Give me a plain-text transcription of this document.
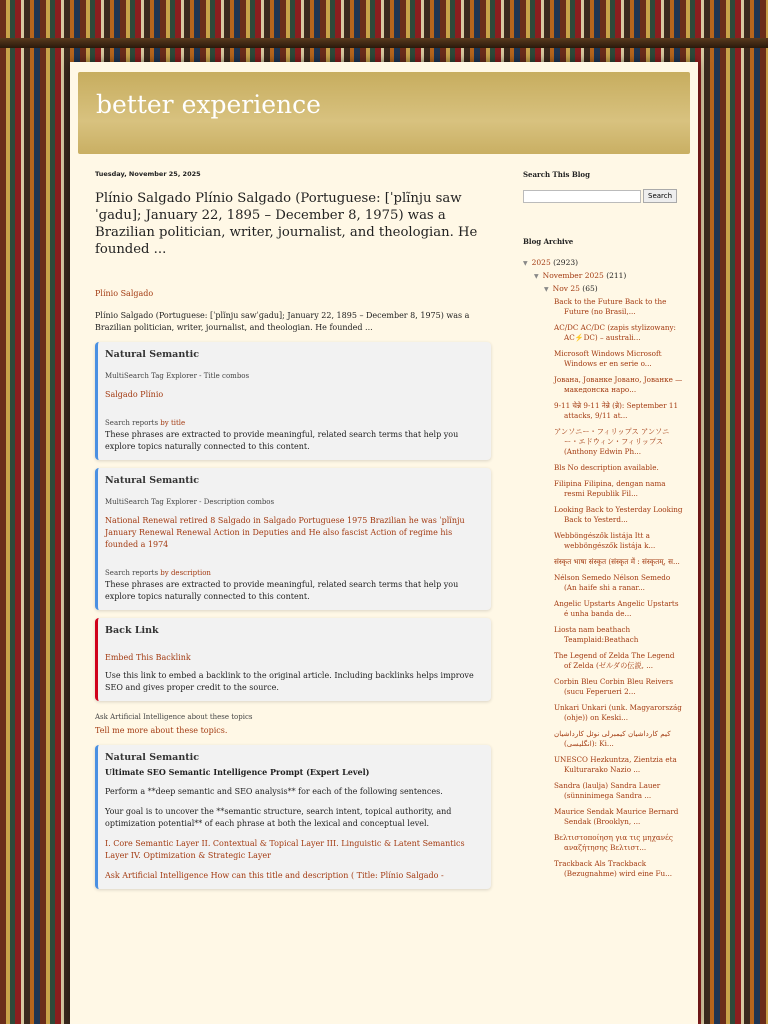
better experience
Tuesday, November 25, 2025
Plínio Salgado Plínio Salgado (Portuguese: [ˈplĩnju sawˈɡadu]; January 22, 1895 – December 8, 1975) was a Brazilian politician, writer, journalist, and theologian. He founded ...
Plínio Salgado
Plínio Salgado (Portuguese: [ˈplĩnju sawˈɡadu]; January 22, 1895 – December 8, 1975) was a Brazilian politician, writer, journalist, and theologian. He founded ...
Natural Semantic
MultiSearch Tag Explorer - Title combos
Salgado Plínio
Search reports by title
These phrases are extracted to provide meaningful, related search terms that help you explore topics naturally connected to this content.
Natural Semantic
MultiSearch Tag Explorer - Description combos
National Renewal retired 8 Salgado in Salgado Portuguese 1975 Brazilian he was ˈplĩnju January Renewal Renewal Action in Deputies and He also fascist Action of regime his founded a 1974
Search reports by description
These phrases are extracted to provide meaningful, related search terms that help you explore topics naturally connected to this content.
Back Link
Embed This Backlink
Use this link to embed a backlink to the original article. Including backlinks helps improve SEO and gives proper credit to the source.
Ask Artificial Intelligence about these topics
Tell me more about these topics.
Natural Semantic
Ultimate SEO Semantic Intelligence Prompt (Expert Level)
Perform a **deep semantic and SEO analysis** for each of the following sentences.
Your goal is to uncover the **semantic structure, search intent, topical authority, and optimization potential** of each phrase at both the lexical and conceptual level.
I. Core Semantic Layer II. Contextual & Topical Layer III. Linguistic & Latent Semantics Layer IV. Optimization & Strategic Layer
Ask Artificial Intelligence How can this title and description ( Title: Plínio Salgado -
Search This Blog
Search
Blog Archive
▼ 2025 (2923)
▼ November 2025 (211)
▼ Nov 25 (65)
Back to the Future Back to the Future (no Brasil,...
AC/DC AC/DC (zapis stylizowany: AC⚡DC) – australi...
Microsoft Windows Microsoft Windows er en serie o...
Јована, Јованке Јовано, Јованке — македонска наро...
9-11 चेन्ने 9-11 नेन्ने (न्ने): September 11 attacks, 9/11 at...
アンソニー・フィリップス アンソニー・エドウィン・フィリップス (Anthony Edwin Ph...
Bls No description available.
Filipina Filipina, dengan nama resmi Republik Fil...
Looking Back to Yesterday Looking Back to Yesterd...
Webböngészők listája Itt a webböngészők listája k...
संस्कृत भाषा संस्कृत (संस्कृत में : संस्कृतम्, स...
Nélson Semedo Nélson Semedo (An haife shi a ranar...
Angelic Upstarts Angelic Upstarts é unha banda de...
Liosta nam beathach Teamplaid:Beathach
The Legend of Zelda The Legend of Zelda (ゼルダの伝説, ...
Corbin Bleu Corbin Bleu Reivers (sucu Feperueri 2...
Unkari Unkari (unk. Magyarország (ohje)) on Keski...
کیم کارداشیان کیمبرلی نوئل کارداشیان (انگلیسی): Ki...
UNESCO Hezkuntza, Zientzia eta Kulturarako Nazio ...
Sandra (laulja) Sandra Lauer (sünninimega Sandra ...
Maurice Sendak Maurice Bernard Sendak (Brooklyn, ...
Βελτιστοποίηση για τις μηχανές αναζήτησης Βελτιστ...
Trackback Als Trackback (Bezugnahme) wird eine Fu...
